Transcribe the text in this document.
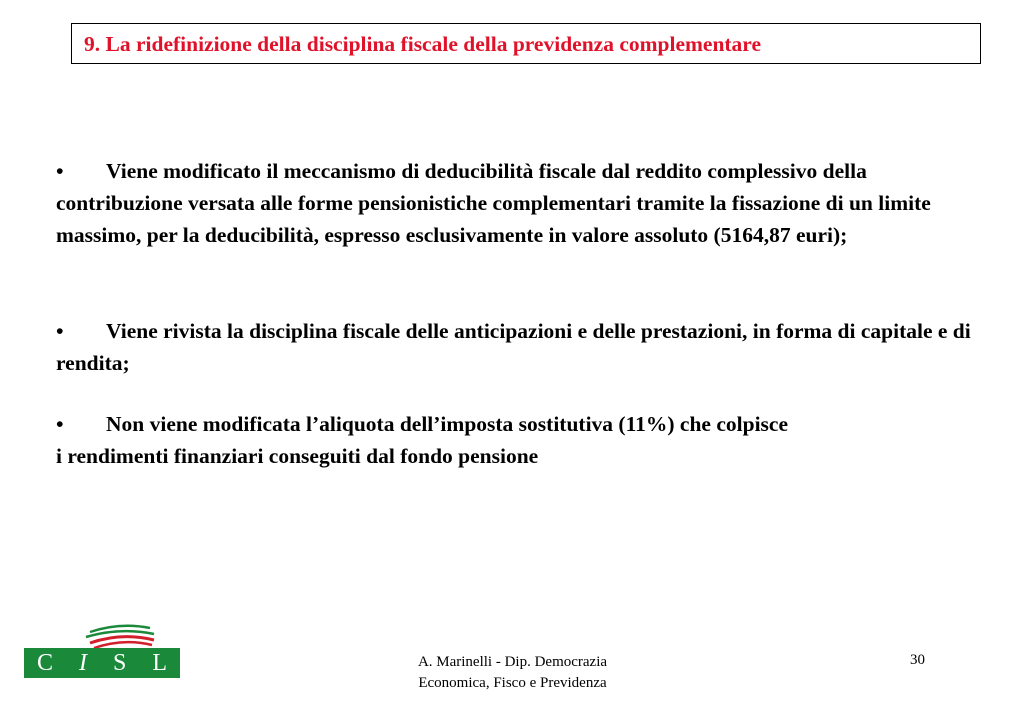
9. La ridefinizione della disciplina fiscale della previdenza complementare
• Viene modificato il meccanismo di deducibilità fiscale dal reddito complessivo della contribuzione versata alle forme pensionistiche complementari tramite la fissazione di un limite massimo, per la deducibilità, espresso esclusivamente in valore assoluto (5164,87 euri);
• Viene rivista la disciplina fiscale delle anticipazioni e delle prestazioni, in forma di capitale e di rendita;
• Non viene modificata l’aliquota dell’imposta sostitutiva (11%) che colpisce
i rendimenti finanziari conseguiti dal fondo pensione
C I S L	A. Marinelli - Dip. Democrazia
Economica, Fisco e Previdenza
30
